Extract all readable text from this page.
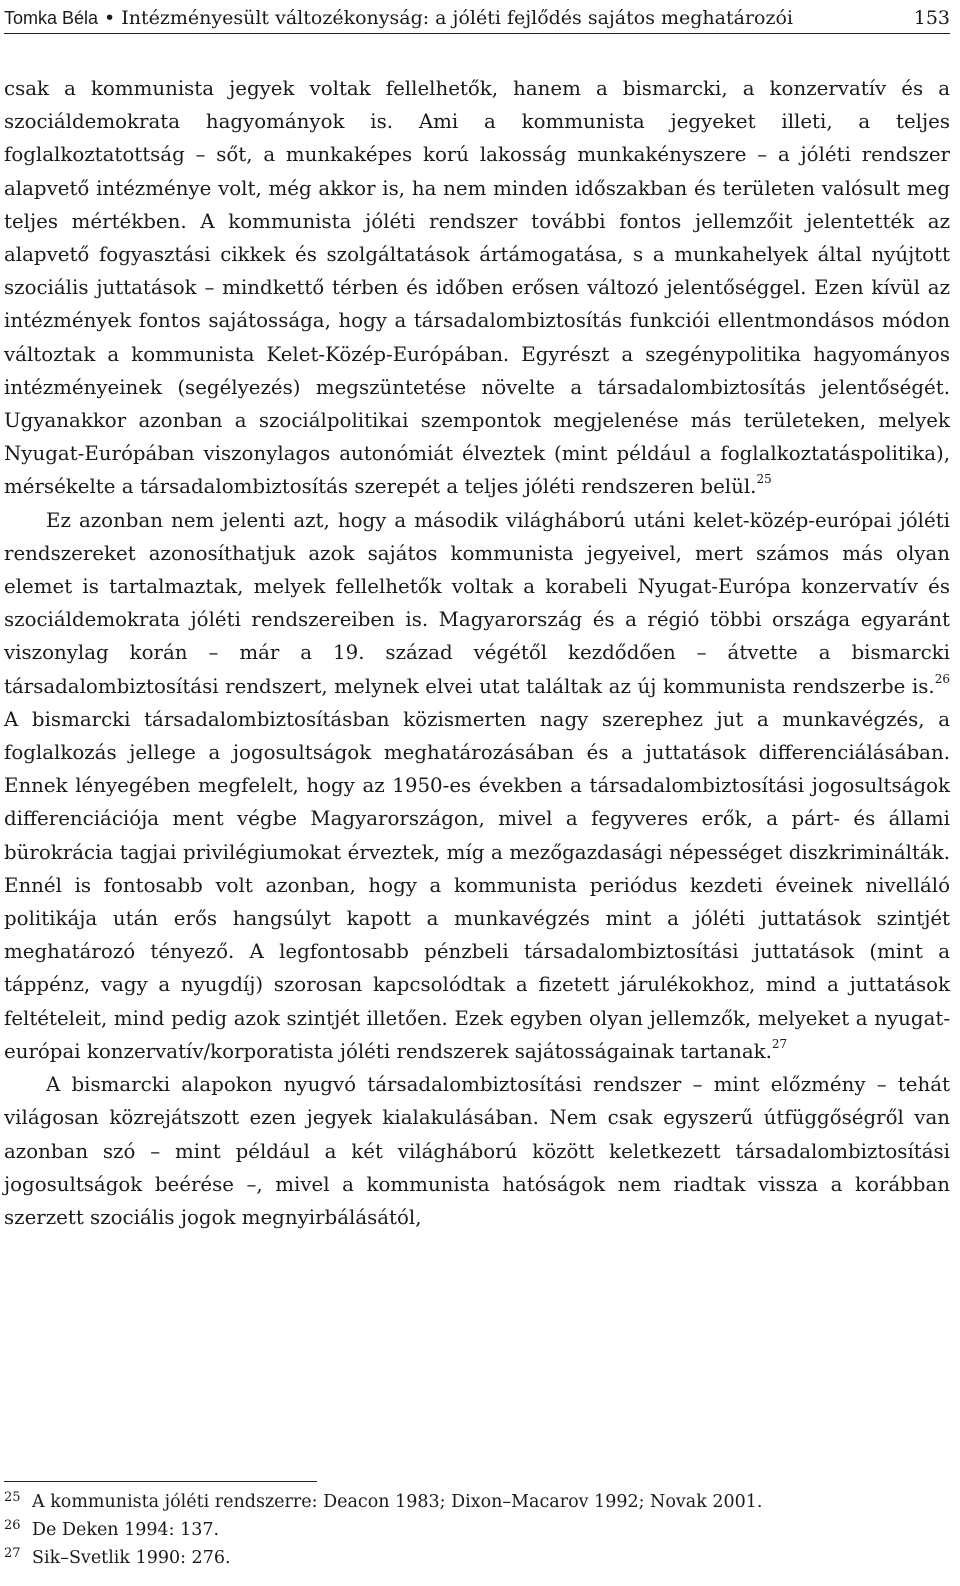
Tomka Béla • Intézményesült változékonyság: a jóléti fejlődés sajátos meghatározói	153

csak a kommunista jegyek voltak fellelhetők, hanem a bismarcki, a konzervatív és a szociáldemokrata hagyományok is. Ami a kommunista jegyeket illeti, a teljes foglalkoztatottság – sőt, a munkaképes korú lakosság munkakényszere – a jóléti rendszer alapvető intézménye volt, még akkor is, ha nem minden időszakban és területen valósult meg teljes mértékben. A kommunista jóléti rendszer további fontos jellemzőit jelentették az alapvető fogyasztási cikkek és szolgáltatások ártámogatása, s a munkahelyek által nyújtott szociális juttatások – mindkettő térben és időben erősen változó jelentőséggel. Ezen kívül az intézmények fontos sajátossága, hogy a társadalombiztosítás funkciói ellentmondásos módon változtak a kommunista Kelet-Közép-Európában. Egyrészt a szegénypolitika hagyományos intézményeinek (segélyezés) megszüntetése növelte a társadalombiztosítás jelentőségét. Ugyanakkor azonban a szociálpolitikai szempontok megjelenése más területeken, melyek Nyugat-Európában viszonylagos autonómiát élveztek (mint például a foglalkoztatáspolitika), mérsékelte a társadalombiztosítás szerepét a teljes jóléti rendszeren belül.$^{25}$

Ez azonban nem jelenti azt, hogy a második világháború utáni kelet-közép-európai jóléti rendszereket azonosíthatjuk azok sajátos kommunista jegyeivel, mert számos más olyan elemet is tartalmaztak, melyek fellelhetők voltak a korabeli Nyugat-Európa konzervatív és szociáldemokrata jóléti rendszereiben is. Magyarország és a régió többi országa egyaránt viszonylag korán – már a 19. század végétől kezdődően – átvette a bismarcki társadalombiztosítási rendszert, melynek elvei utat találtak az új kommunista rendszerbe is.$^{26}$ A bismarcki társadalombiztosításban közismerten nagy szerephez jut a munkavégzés, a foglalkozás jellege a jogosultságok meghatározásában és a juttatások differenciálásában. Ennek lényegében megfelelt, hogy az 1950-es években a társadalombiztosítási jogosultságok differenciációja ment végbe Magyarországon, mivel a fegyveres erők, a párt- és állami bürokrácia tagjai privilégiumokat érveztek, míg a mezőgazdasági népességet diszkriminálták. Ennél is fontosabb volt azonban, hogy a kommunista periódus kezdeti éveinek nivelláló politikája után erős hangsúlyt kapott a munkavégzés mint a jóléti juttatások szintjét meghatározó tényező. A legfontosabb pénzbeli társadalombiztosítási juttatások (mint a táppénz, vagy a nyugdíj) szorosan kapcsolódtak a fizetett járulékokhoz, mind a juttatások feltételeit, mind pedig azok szintjét illetően. Ezek egyben olyan jellemzők, melyeket a nyugat-európai konzervatív/korporatista jóléti rendszerek sajátosságainak tartanak.$^{27}$

A bismarcki alapokon nyugvó társadalombiztosítási rendszer – mint előzmény – tehát világosan közrejátszott ezen jegyek kialakulásában. Nem csak egyszerű útfüggőségről van azonban szó – mint például a két világháború között keletkezett társadalombiztosítási jogosultságok beérése –, mivel a kommunista hatóságok nem riadtak vissza a korábban szerzett szociális jogok megnyirbálásától,

25 A kommunista jóléti rendszerre: Deacon 1983; Dixon–Macarov 1992; Novak 2001.
26 De Deken 1994: 137.
27 Sik–Svetlik 1990: 276.
